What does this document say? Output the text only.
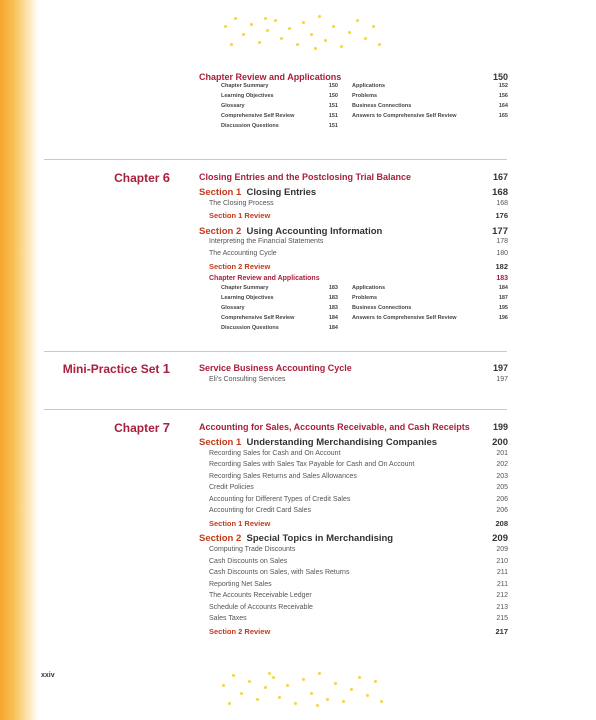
Chapter Review and Applications	150
Chapter Summary	150
Learning Objectives	150
Glossary	151
Comprehensive Self Review	151
Discussion Questions	151
Applications	152
Problems	156
Business Connections	164
Answers to Comprehensive Self Review	165
Chapter 6	Closing Entries and the Postclosing Trial Balance	167
Section 1 Closing Entries	168
The Closing Process	168
Section 1 Review	176
Section 2 Using Accounting Information	177
Interpreting the Financial Statements	178
The Accounting Cycle	180
Section 2 Review	182
Chapter Review and Applications	183
Chapter Summary	183
Learning Objectives	183
Glossary	183
Comprehensive Self Review	184
Discussion Questions	184
Applications	184
Problems	187
Business Connections	195
Answers to Comprehensive Self Review	196
Mini-Practice Set 1	Service Business Accounting Cycle	197
Eli's Consulting Services	197
Chapter 7	Accounting for Sales, Accounts Receivable, and Cash Receipts	199
Section 1 Understanding Merchandising Companies	200
Recording Sales for Cash and On Account	201
Recording Sales with Sales Tax Payable for Cash and On Account	202
Recording Sales Returns and Sales Allowances	203
Credit Policies	205
Accounting for Different Types of Credit Sales	206
Accounting for Credit Card Sales	206
Section 1 Review	208
Section 2 Special Topics in Merchandising	209
Computing Trade Discounts	209
Cash Discounts on Sales	210
Cash Discounts on Sales, with Sales Returns	211
Reporting Net Sales	211
The Accounts Receivable Ledger	212
Schedule of Accounts Receivable	213
Sales Taxes	215
Section 2 Review	217
xxiv
